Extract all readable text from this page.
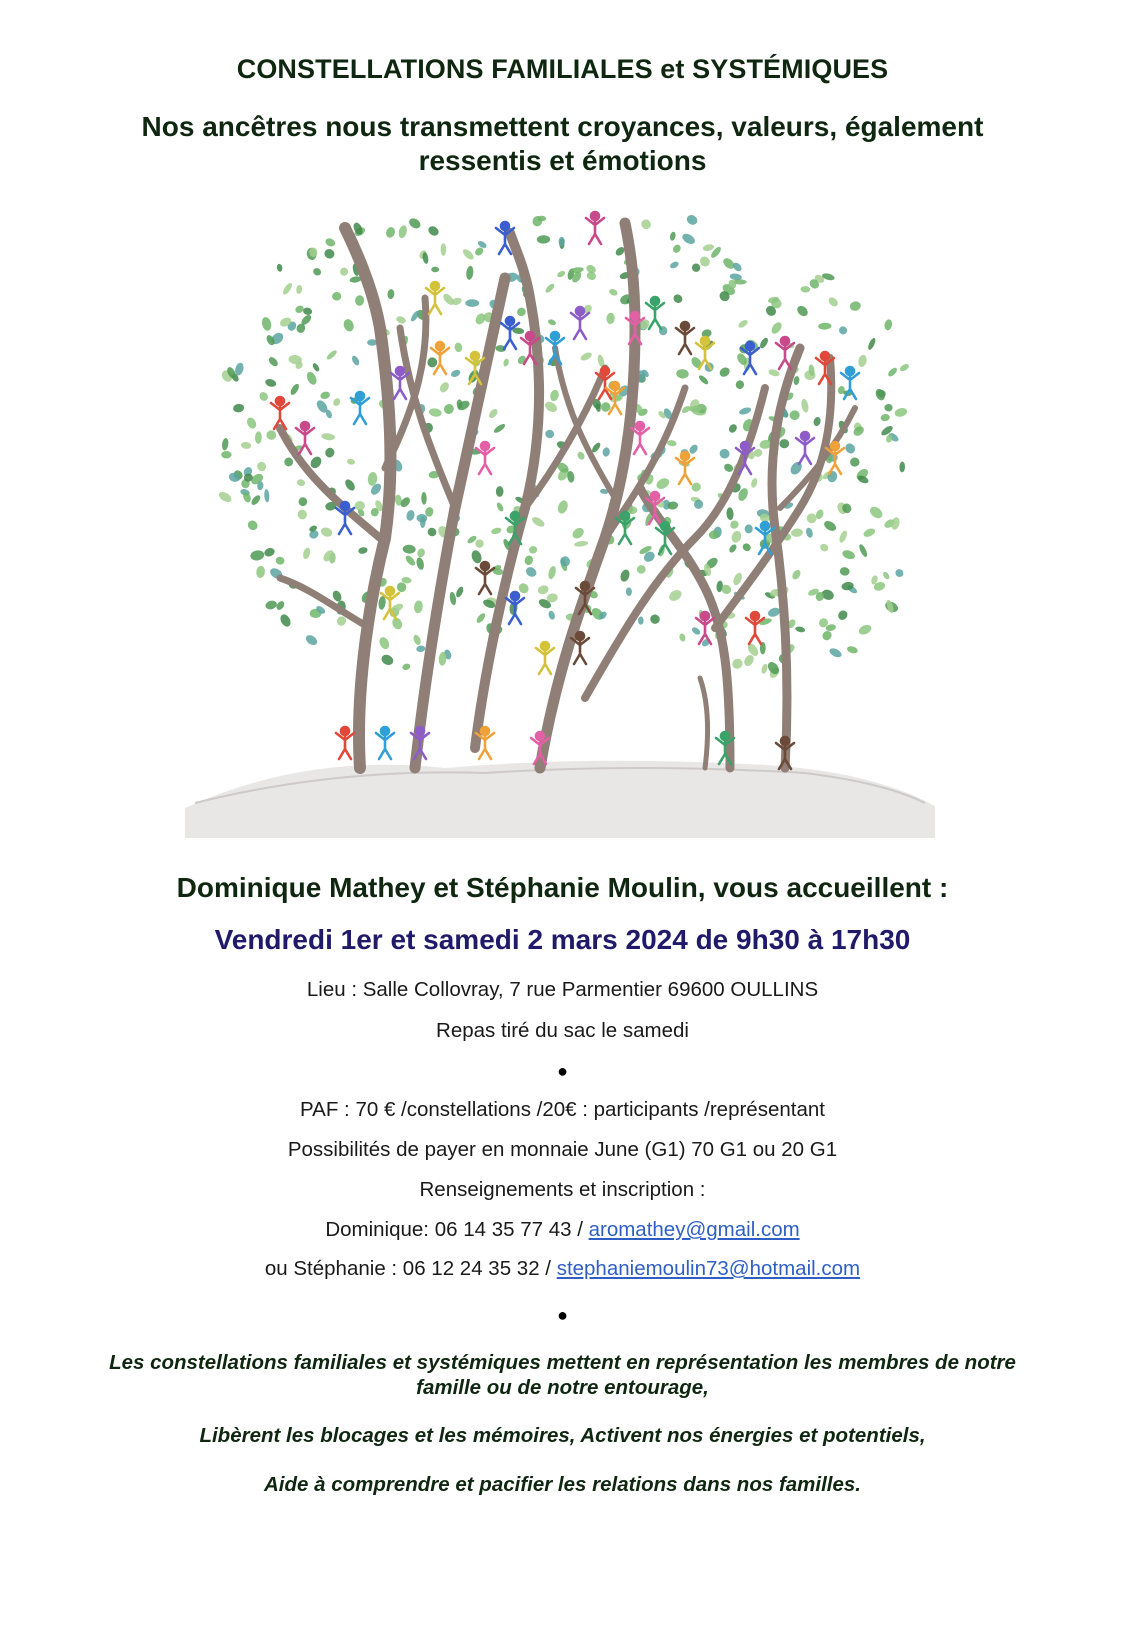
CONSTELLATIONS FAMILIALES et SYSTÉMIQUES
Nos ancêtres nous transmettent croyances, valeurs, également
ressentis et émotions
Dominique Mathey et Stéphanie Moulin, vous accueillent :
Vendredi 1er et samedi 2 mars 2024 de 9h30 à 17h30
Lieu : Salle Collovray, 7 rue Parmentier 69600 OULLINS
Repas tiré du sac le samedi
●
PAF : 70 € /constellations /20€ : participants /représentant
Possibilités de payer en monnaie June (G1) 70 G1 ou 20 G1
Renseignements et inscription :
Dominique: 06 14 35 77 43 / aromathey@gmail.com
ou Stéphanie : 06 12 24 35 32 / stephaniemoulin73@hotmail.com
●
Les constellations familiales et systémiques mettent en représentation les membres de notre
famille ou de notre entourage,
Libèrent les blocages et les mémoires, Activent nos énergies et potentiels,
Aide à comprendre et pacifier les relations dans nos familles.
